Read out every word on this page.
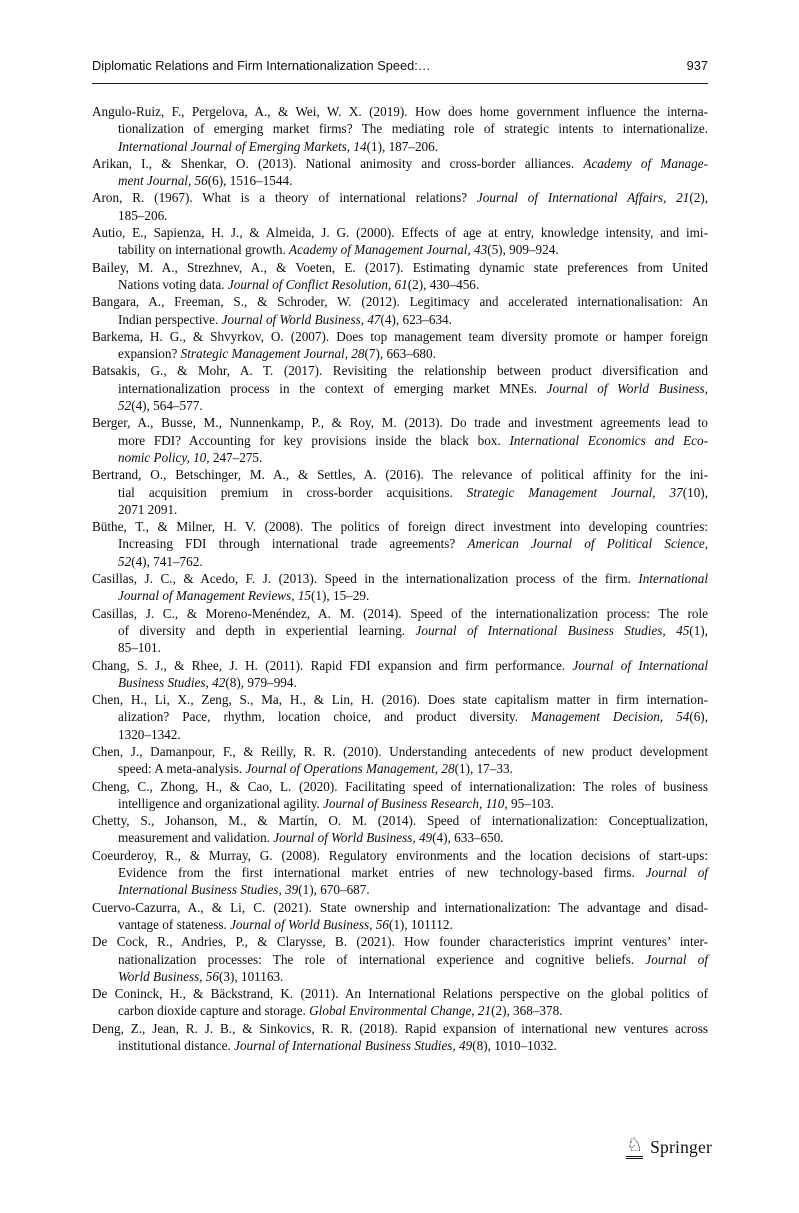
Diplomatic Relations and Firm Internationalization Speed:…	937
Angulo-Ruiz, F., Pergelova, A., & Wei, W. X. (2019). How does home government influence the interna-
tionalization of emerging market firms? The mediating role of strategic intents to internationalize.
International Journal of Emerging Markets, 14(1), 187–206.
Arikan, I., & Shenkar, O. (2013). National animosity and cross-border alliances. Academy of Manage-
ment Journal, 56(6), 1516–1544.
Aron, R. (1967). What is a theory of international relations? Journal of International Affairs, 21(2),
185–206.
Autio, E., Sapienza, H. J., & Almeida, J. G. (2000). Effects of age at entry, knowledge intensity, and imi-
tability on international growth. Academy of Management Journal, 43(5), 909–924.
Bailey, M. A., Strezhnev, A., & Voeten, E. (2017). Estimating dynamic state preferences from United
Nations voting data. Journal of Conflict Resolution, 61(2), 430–456.
Bangara, A., Freeman, S., & Schroder, W. (2012). Legitimacy and accelerated internationalisation: An
Indian perspective. Journal of World Business, 47(4), 623–634.
Barkema, H. G., & Shvyrkov, O. (2007). Does top management team diversity promote or hamper foreign
expansion? Strategic Management Journal, 28(7), 663–680.
Batsakis, G., & Mohr, A. T. (2017). Revisiting the relationship between product diversification and
internationalization process in the context of emerging market MNEs. Journal of World Business,
52(4), 564–577.
Berger, A., Busse, M., Nunnenkamp, P., & Roy, M. (2013). Do trade and investment agreements lead to
more FDI? Accounting for key provisions inside the black box. International Economics and Eco-
nomic Policy, 10, 247–275.
Bertrand, O., Betschinger, M. A., & Settles, A. (2016). The relevance of political affinity for the ini-
tial acquisition premium in cross-border acquisitions. Strategic Management Journal, 37(10),
2071 2091.
Büthe, T., & Milner, H. V. (2008). The politics of foreign direct investment into developing countries:
Increasing FDI through international trade agreements? American Journal of Political Science,
52(4), 741–762.
Casillas, J. C., & Acedo, F. J. (2013). Speed in the internationalization process of the firm. International
Journal of Management Reviews, 15(1), 15–29.
Casillas, J. C., & Moreno-Menéndez, A. M. (2014). Speed of the internationalization process: The role
of diversity and depth in experiential learning. Journal of International Business Studies, 45(1),
85–101.
Chang, S. J., & Rhee, J. H. (2011). Rapid FDI expansion and firm performance. Journal of International
Business Studies, 42(8), 979–994.
Chen, H., Li, X., Zeng, S., Ma, H., & Lin, H. (2016). Does state capitalism matter in firm internation-
alization? Pace, rhythm, location choice, and product diversity. Management Decision, 54(6),
1320–1342.
Chen, J., Damanpour, F., & Reilly, R. R. (2010). Understanding antecedents of new product development
speed: A meta-analysis. Journal of Operations Management, 28(1), 17–33.
Cheng, C., Zhong, H., & Cao, L. (2020). Facilitating speed of internationalization: The roles of business
intelligence and organizational agility. Journal of Business Research, 110, 95–103.
Chetty, S., Johanson, M., & Martín, O. M. (2014). Speed of internationalization: Conceptualization,
measurement and validation. Journal of World Business, 49(4), 633–650.
Coeurderoy, R., & Murray, G. (2008). Regulatory environments and the location decisions of start-ups:
Evidence from the first international market entries of new technology-based firms. Journal of
International Business Studies, 39(1), 670–687.
Cuervo-Cazurra, A., & Li, C. (2021). State ownership and internationalization: The advantage and disad-
vantage of stateness. Journal of World Business, 56(1), 101112.
De Cock, R., Andries, P., & Clarysse, B. (2021). How founder characteristics imprint ventures’ inter-
nationalization processes: The role of international experience and cognitive beliefs. Journal of
World Business, 56(3), 101163.
De Coninck, H., & Bäckstrand, K. (2011). An International Relations perspective on the global politics of
carbon dioxide capture and storage. Global Environmental Change, 21(2), 368–378.
Deng, Z., Jean, R. J. B., & Sinkovics, R. R. (2018). Rapid expansion of international new ventures across
institutional distance. Journal of International Business Studies, 49(8), 1010–1032.
♘ Springer
